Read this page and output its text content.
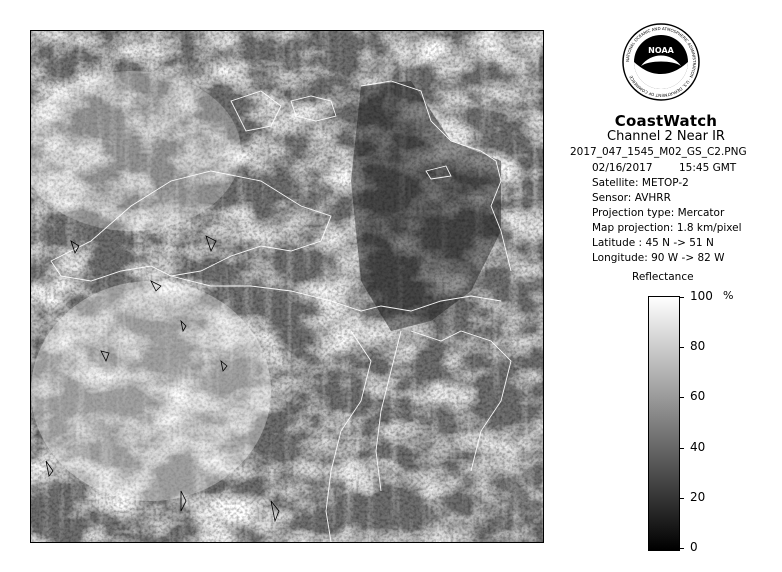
NOAA
NATIONAL OCEANIC AND ATMOSPHERIC ADMINISTRATION · U.S. DEPARTMENT OF COMMERCE
CoastWatch
Channel 2 Near IR
2017_047_1545_M02_GS_C2.PNG
02/16/2017	15:45 GMT
Satellite: METOP-2
Sensor: AVHRR
Projection type: Mercator
Map projection: 1.8 km/pixel
Latitude : 45 N -> 51 N
Longitude: 90 W -> 82 W
Reflectance
%
100
80
60
40
20
0
